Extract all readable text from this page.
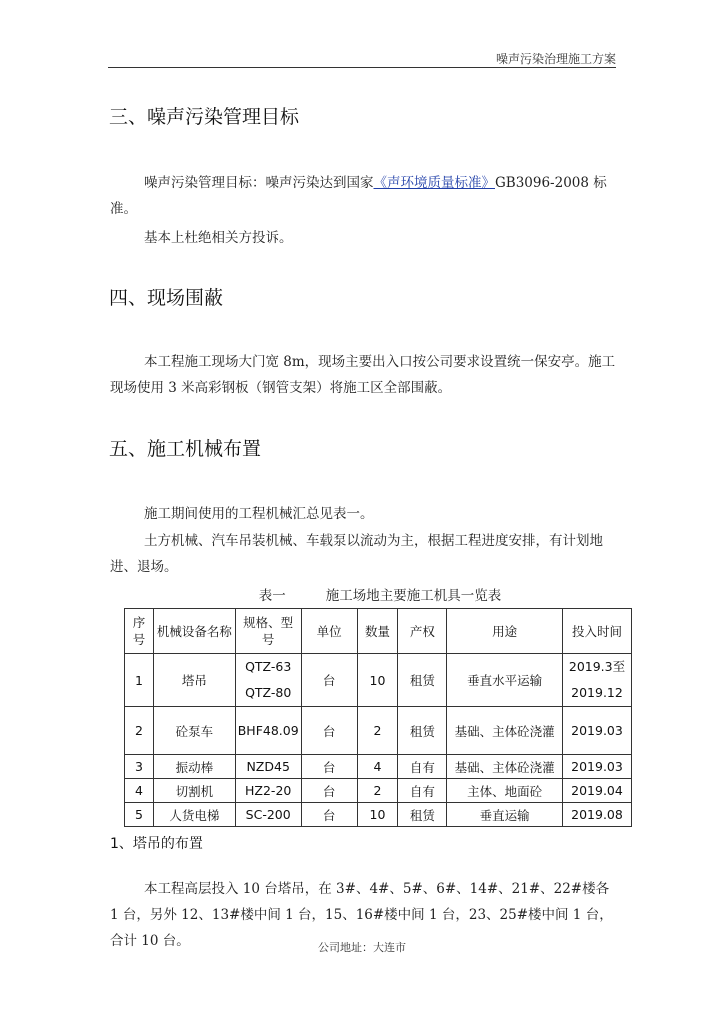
噪声污染治理施工方案
三、噪声污染管理目标
噪声污染管理目标：噪声污染达到国家《声环境质量标准》GB3096-2008 标准。
基本上杜绝相关方投诉。
四、现场围蔽
本工程施工现场大门宽 8m，现场主要出入口按公司要求设置统一保安亭。施工现场使用 3 米高彩钢板（钢管支架）将施工区全部围蔽。
五、施工机械布置
施工期间使用的工程机械汇总见表一。
土方机械、汽车吊装机械、车载泵以流动为主，根据工程进度安排，有计划地进、退场。
表一	施工场地主要施工机具一览表
序号	机械设备名称	规格、型号	单位	数量	产权	用途	投入时间
1	塔吊	QTZ-63 QTZ-80	台	10	租赁	垂直水平运输	2019.3至 2019.12
2	砼泵车	BHF48.09	台	2	租赁	基础、主体砼浇灌	2019.03
3	振动棒	NZD45	台	4	自有	基础、主体砼浇灌	2019.03
4	切割机	HZ2-20	台	2	自有	主体、地面砼	2019.04
5	人货电梯	SC-200	台	10	租赁	垂直运输	2019.08
1、塔吊的布置
本工程高层投入 10 台塔吊，在 3#、4#、5#、6#、14#、21#、22#楼各 1 台，另外 12、13#楼中间 1 台，15、16#楼中间 1 台，23、25#楼中间 1 台，合计 10 台。	公司地址：大连市
